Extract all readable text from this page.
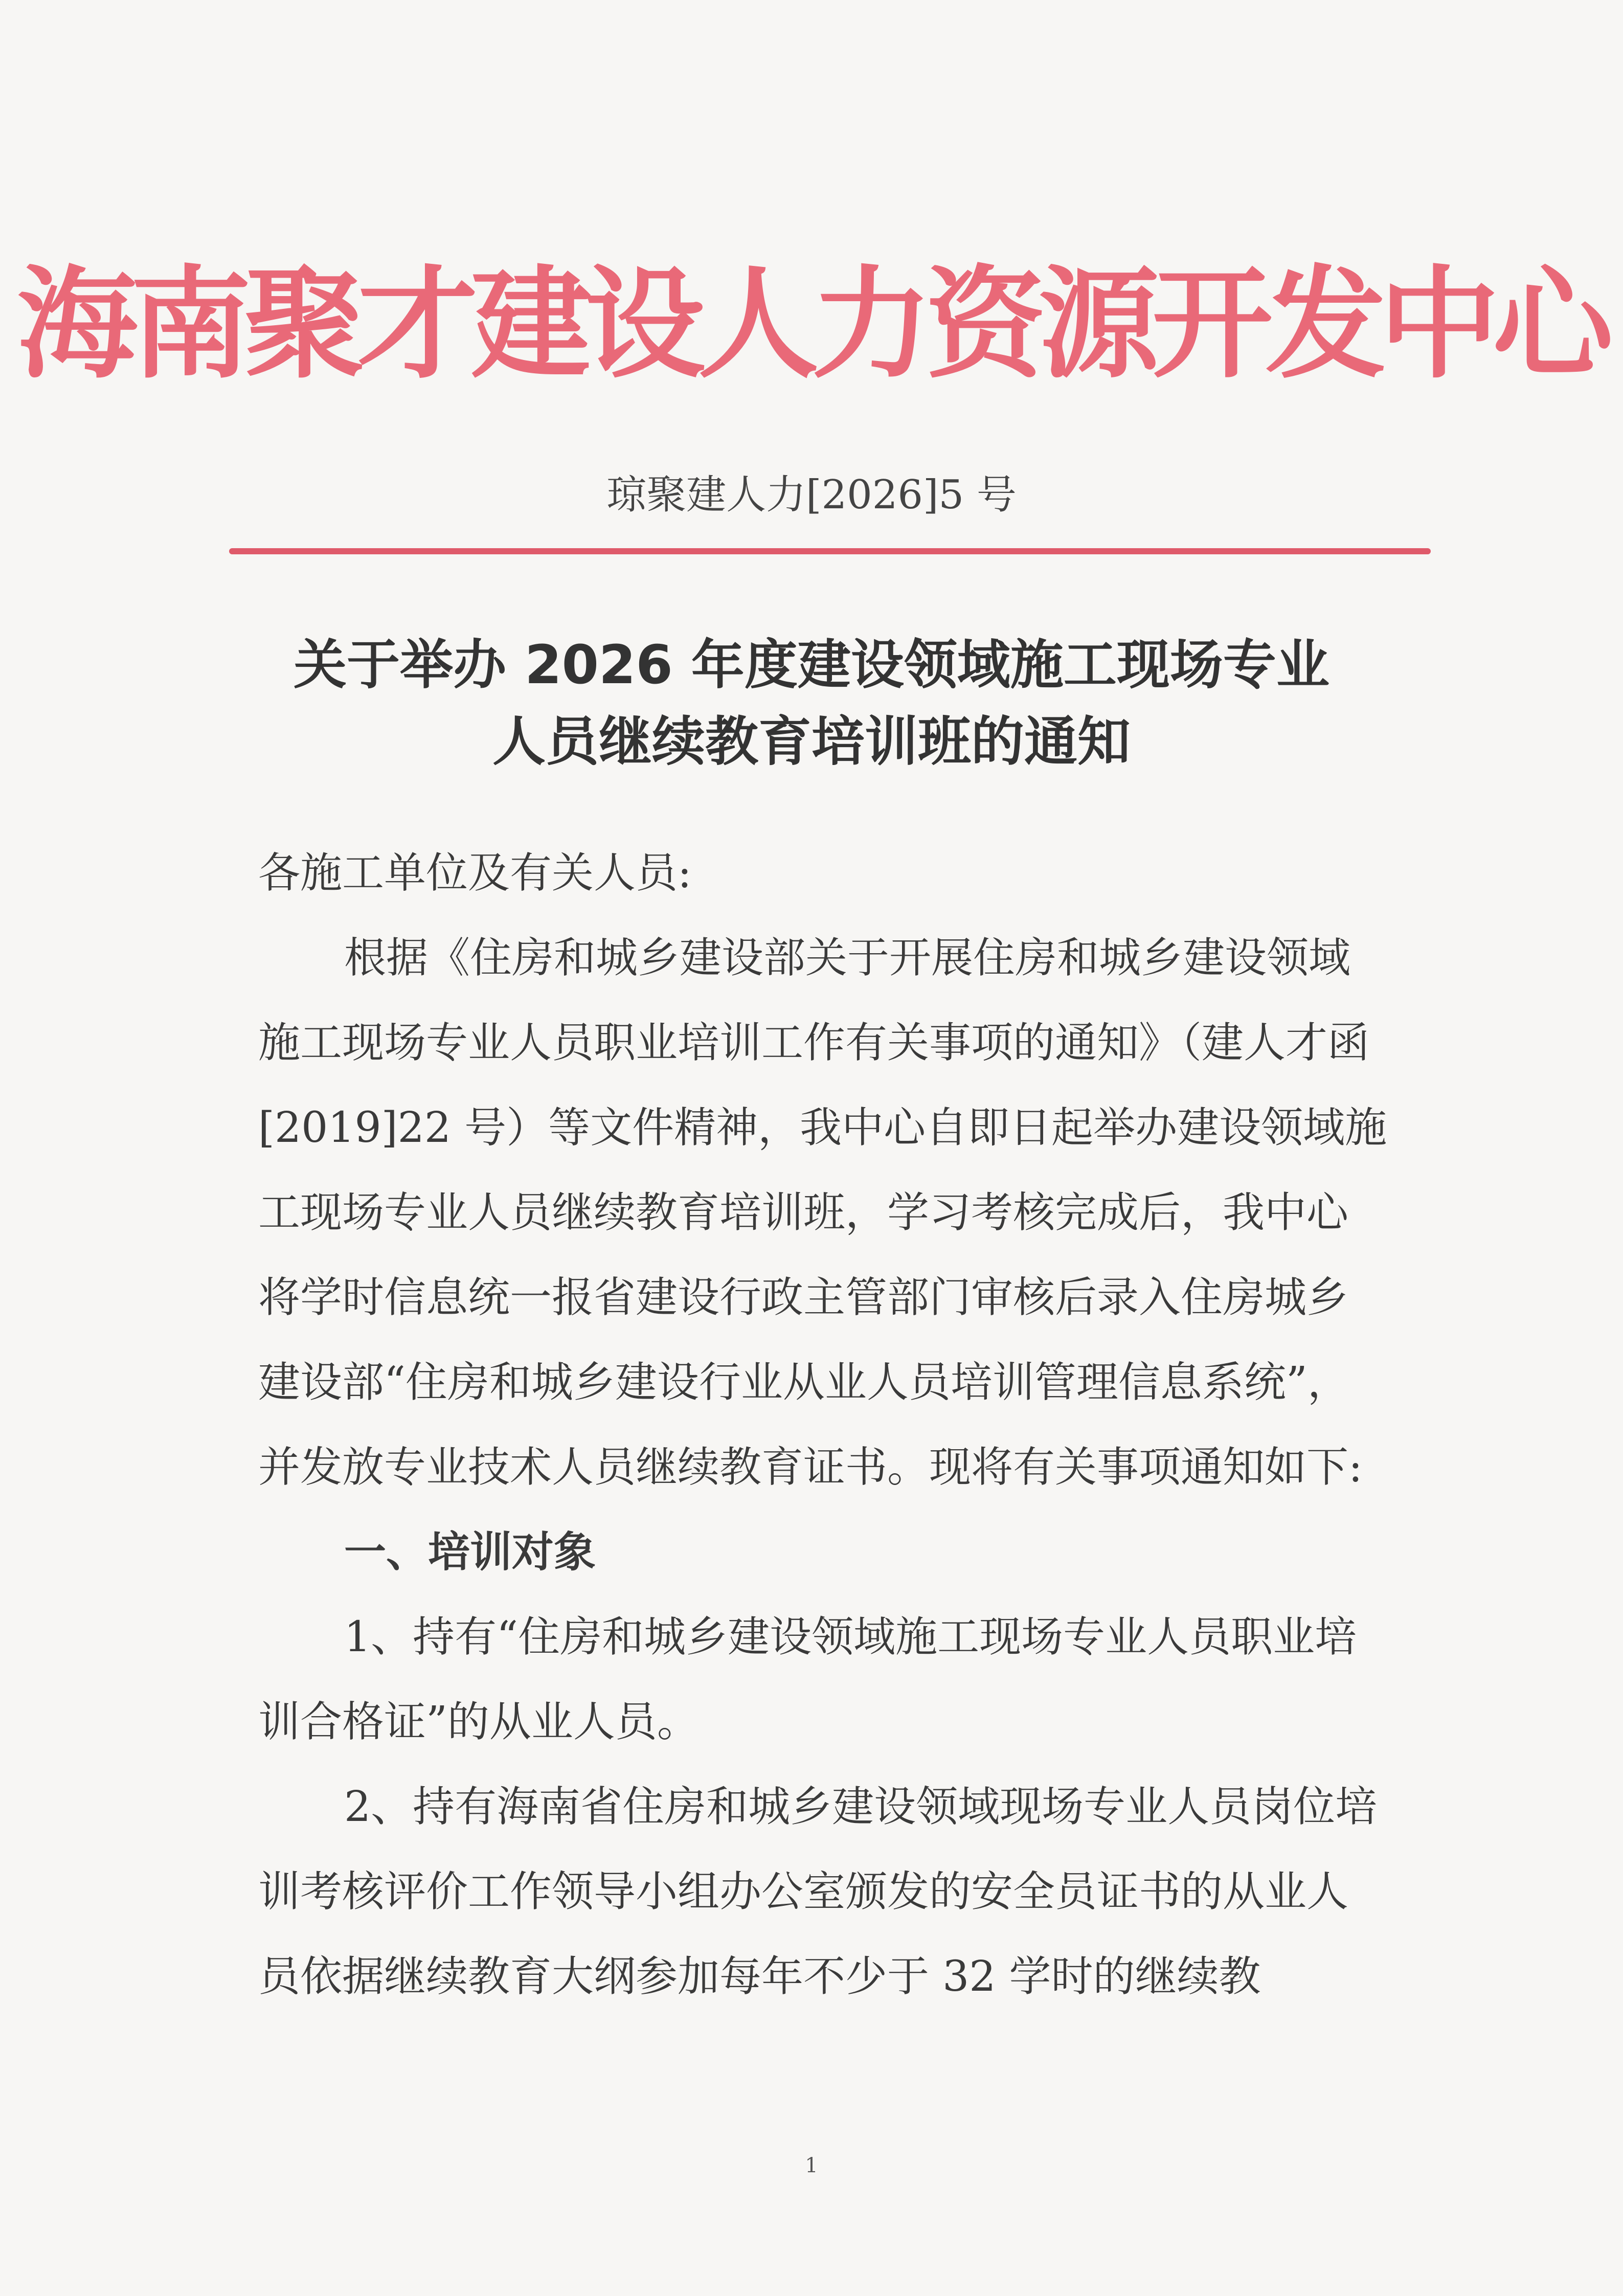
海南聚才建设人力资源开发中心
琼聚建人力[2026]5 号
关于举办 2026 年度建设领域施工现场专业
人员继续教育培训班的通知

各施工单位及有关人员:

根据《住房和城乡建设部关于开展住房和城乡建设领域施工现场专业人员职业培训工作有关事项的通知》（建人才函[2019]22 号）等文件精神，我中心自即日起举办建设领域施工现场专业人员继续教育培训班，学习考核完成后，我中心将学时信息统一报省建设行政主管部门审核后录入住房城乡建设部“住房和城乡建设行业从业人员培训管理信息系统”，并发放专业技术人员继续教育证书。现将有关事项通知如下:

一、培训对象

1、持有“住房和城乡建设领域施工现场专业人员职业培训合格证”的从业人员。

2、持有海南省住房和城乡建设领域现场专业人员岗位培训考核评价工作领导小组办公室颁发的安全员证书的从业人员依据继续教育大纲参加每年不少于 32 学时的继续教

1
